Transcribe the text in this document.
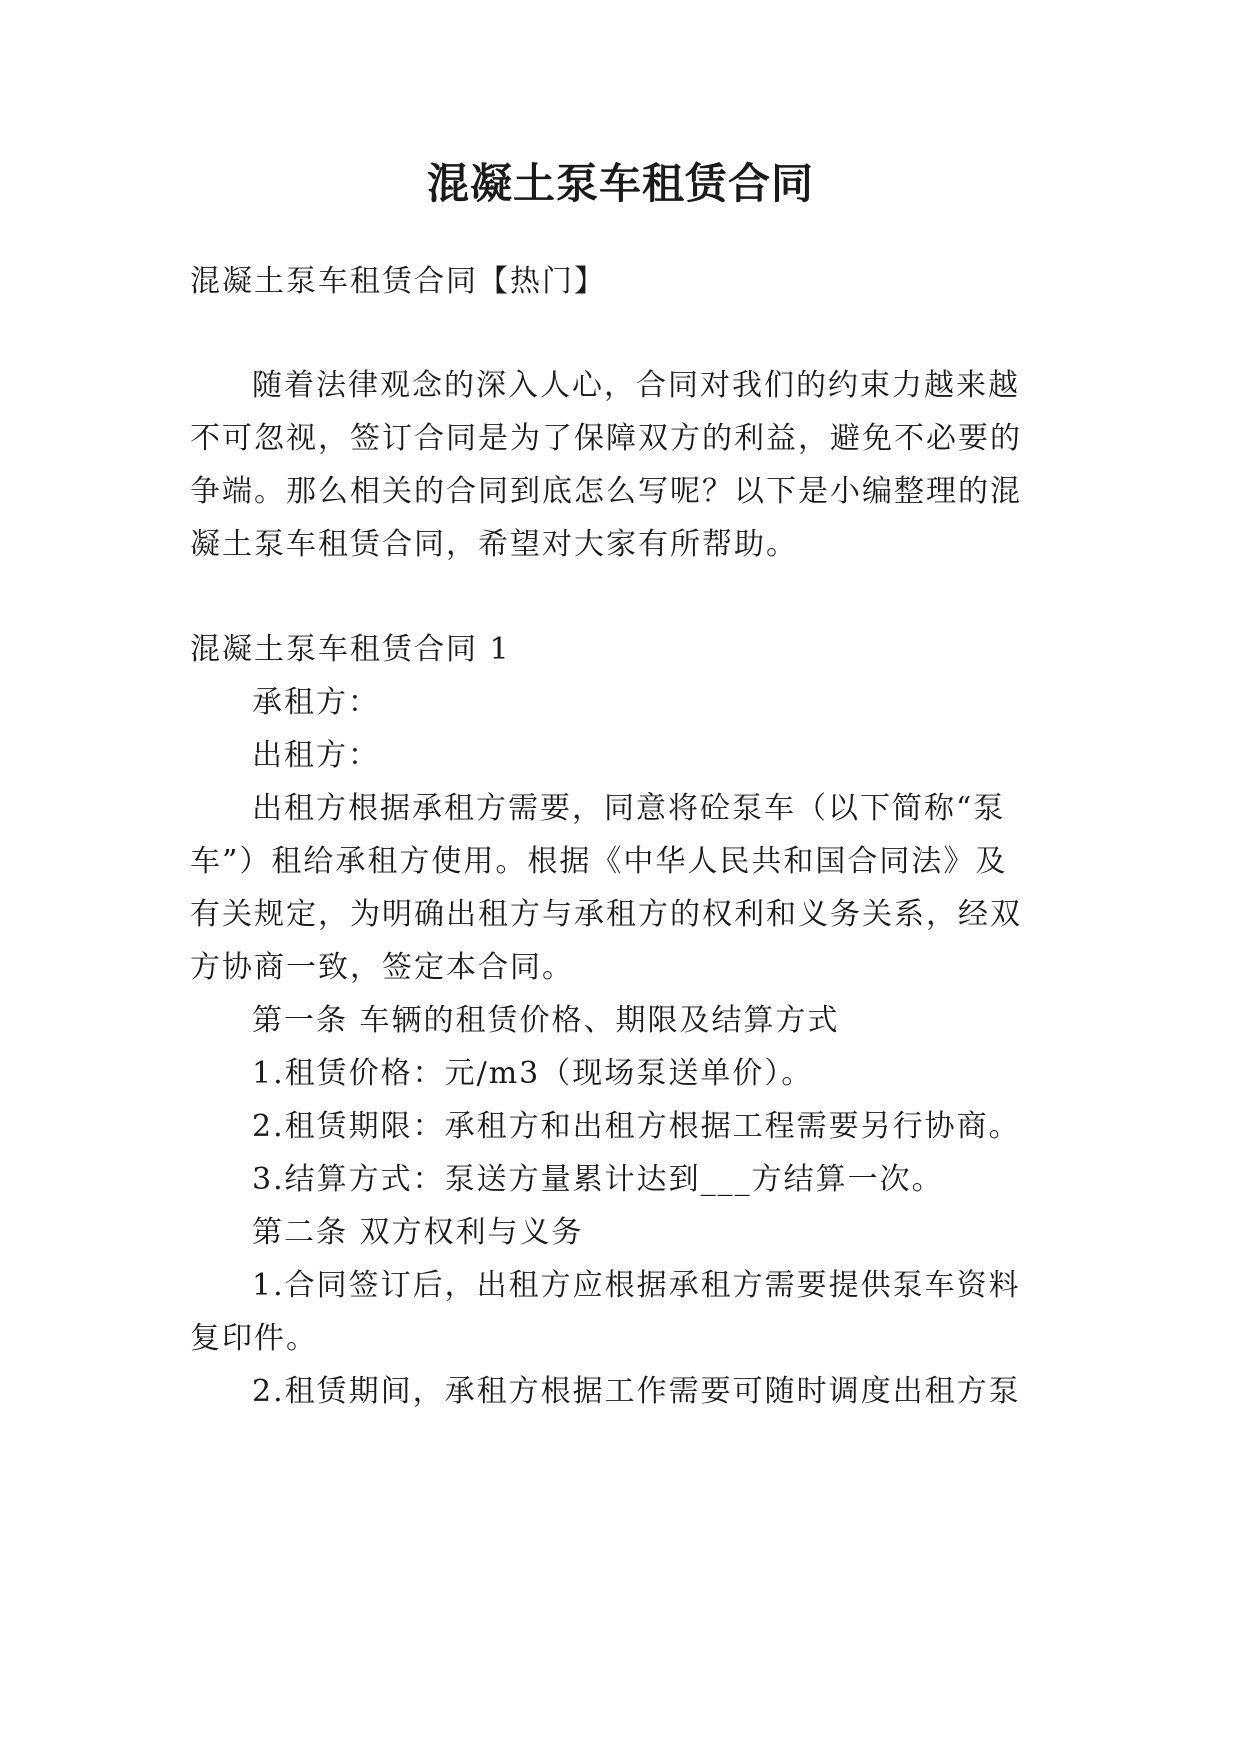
混凝土泵车租赁合同
混凝土泵车租赁合同【热门】
随着法律观念的深入人心，合同对我们的约束力越来越
不可忽视，签订合同是为了保障双方的利益，避免不必要的
争端。那么相关的合同到底怎么写呢？以下是小编整理的混
凝土泵车租赁合同，希望对大家有所帮助。
混凝土泵车租赁合同 1
承租方：
出租方：
出租方根据承租方需要，同意将砼泵车（以下简称“泵
车”）租给承租方使用。根据《中华人民共和国合同法》及
有关规定，为明确出租方与承租方的权利和义务关系，经双
方协商一致，签定本合同。
第一条 车辆的租赁价格、期限及结算方式
1.租赁价格：元/m3（现场泵送单价）。
2.租赁期限：承租方和出租方根据工程需要另行协商。
3.结算方式：泵送方量累计达到___方结算一次。
第二条 双方权利与义务
1.合同签订后，出租方应根据承租方需要提供泵车资料
复印件。
2.租赁期间，承租方根据工作需要可随时调度出租方泵
